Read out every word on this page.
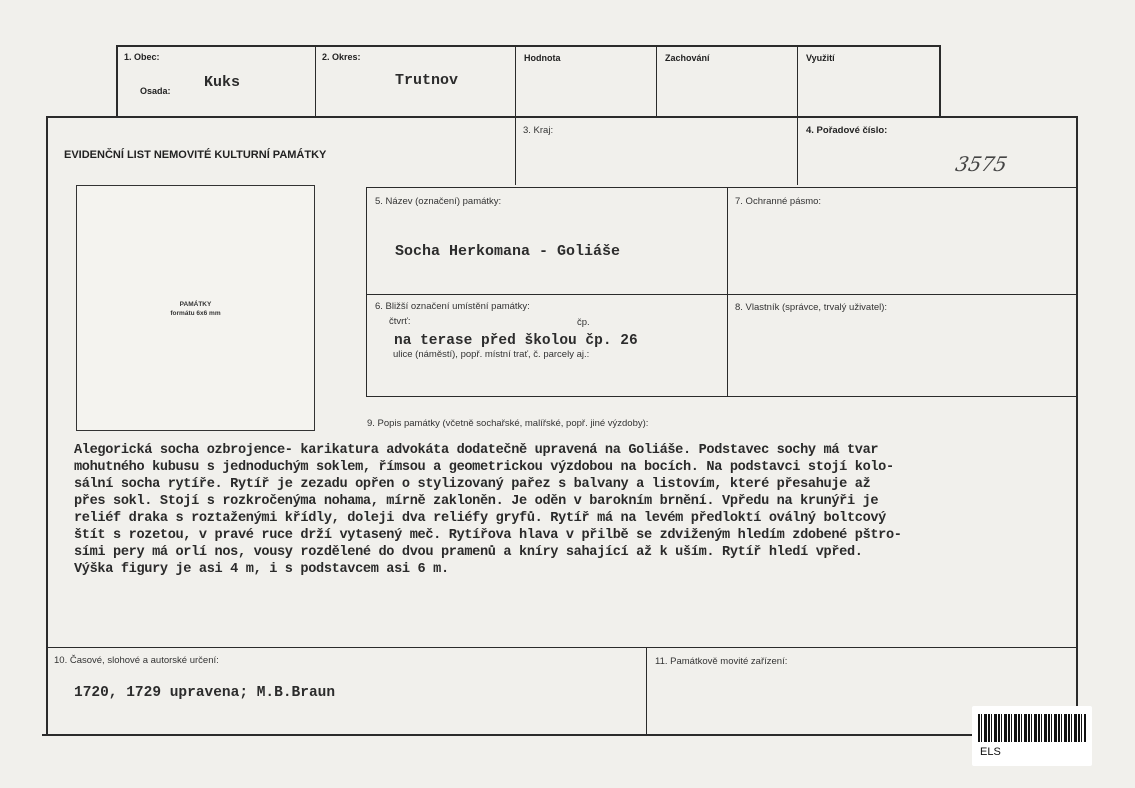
1. Obec:
Osada: Kuks
2. Okres:
Trutnov
Hodnota	Zachování	Využití
EVIDENČNÍ LIST NEMOVITÉ KULTURNÍ PAMÁTKY
3. Kraj:	4. Pořadové číslo:
3575
PAMÁTKY
formátu 6x6 mm
5. Název (označení) památky:
Socha Herkomana - Goliáše
7. Ochranné pásmo:
6. Bližší označení umístění památky:
čtvrť:	čp.
na terase před školou čp. 26
ulice (náměstí), popř. místní trať, č. parcely aj.:
8. Vlastník (správce, trvalý uživatel):
9. Popis památky (včetně sochařské, malířské, popř. jiné výzdoby):
Alegorická socha ozbrojence- karikatura advokáta dodatečně upravená na Goliáše. Podstavec sochy má tvar
mohutného kubusu s jednoduchým soklem, římsou a geometrickou výzdobou na bocích. Na podstavci stojí kolo-
sální socha rytíře. Rytíř je zezadu opřen o stylizovaný pařez s balvany a listovím, které přesahuje až
přes sokl. Stojí s rozkročenýma nohama, mírně zakloněn. Je oděn v barokním brnění. Vpředu na krunýři je
reliéf draka s roztaženými křídly, doleji dva reliéfy gryfů. Rytíř má na levém předloktí oválný boltcový
štít s rozetou, v pravé ruce drží vytasený meč. Rytířova hlava v přilbě se zdviženým hledím zdobené pštro-
sími pery má orlí nos, vousy rozdělené do dvou pramenů a kníry sahající až k uším. Rytíř hledí vpřed.
Výška figury je asi 4 m, i s podstavcem asi 6 m.
10. Časové, slohové a autorské určení:
1720, 1729 upravena; M.B.Braun
11. Památkově movité zařízení:
ELS
